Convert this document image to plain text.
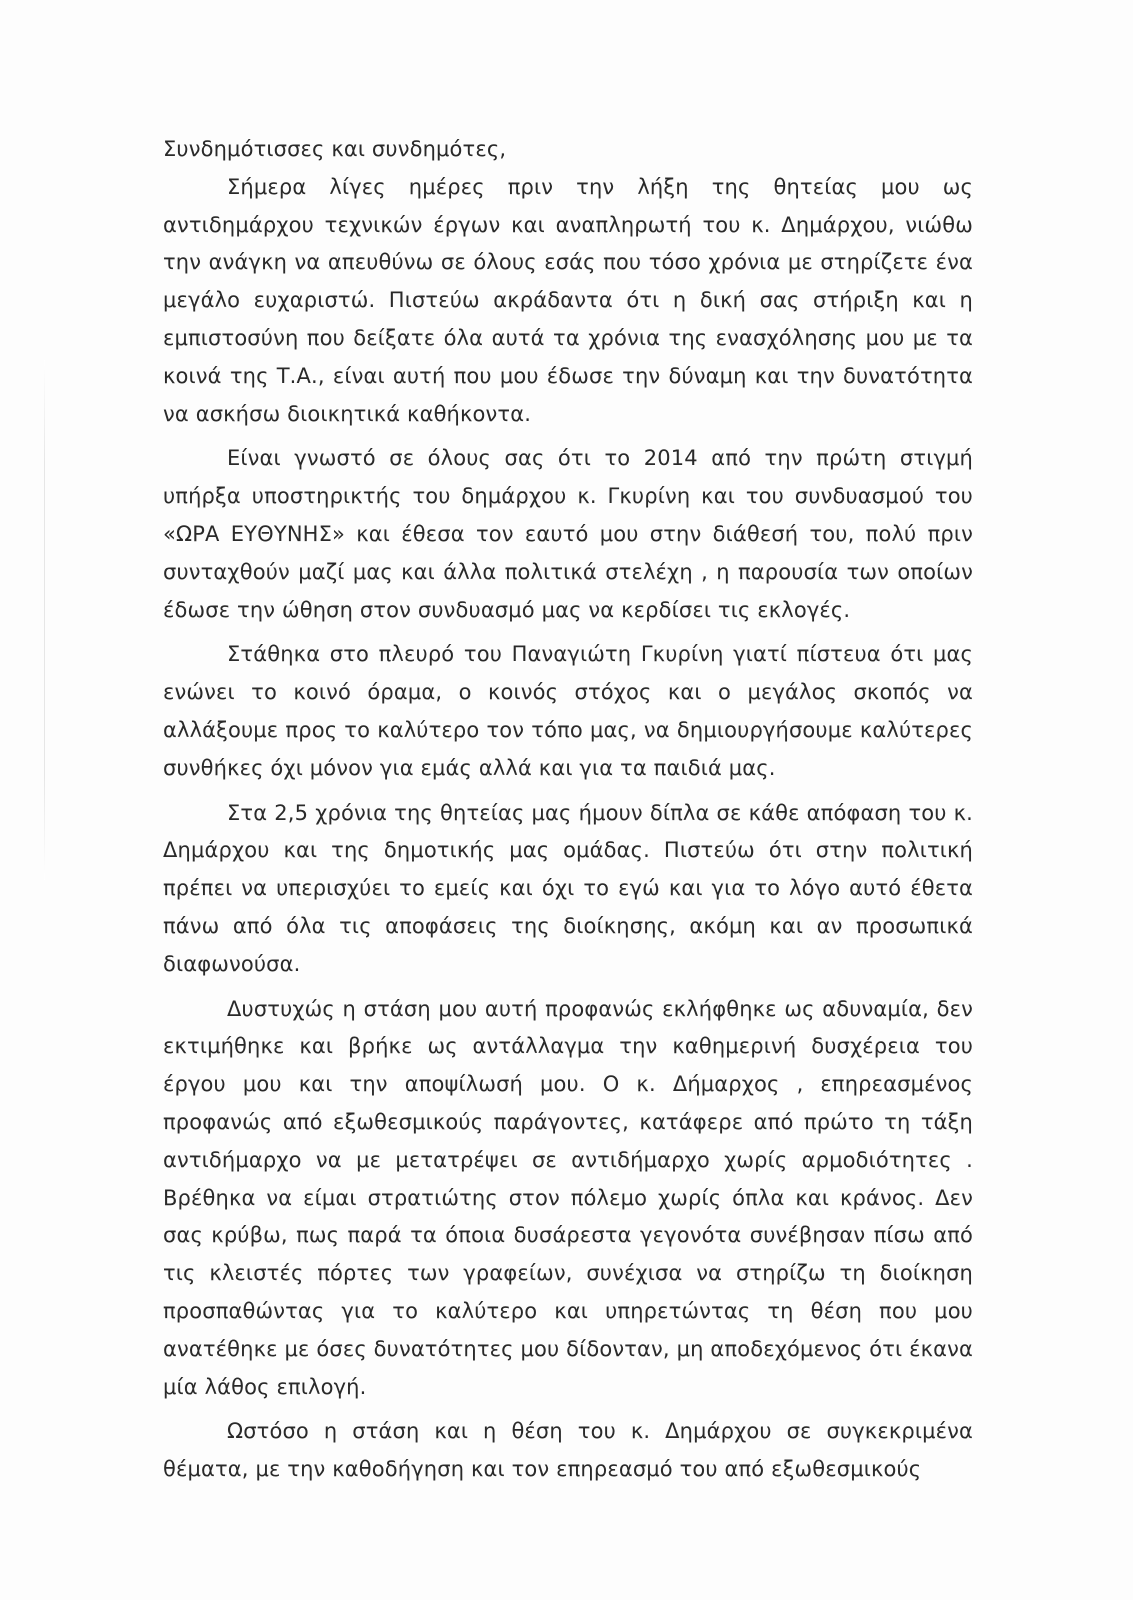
Συνδημότισσες και συνδημότες,

Σήμερα λίγες ημέρες πριν την λήξη της θητείας μου ως αντιδημάρχου τεχνικών έργων και αναπληρωτή του κ. Δημάρχου, νιώθω την ανάγκη να απευθύνω σε όλους εσάς που τόσο χρόνια με στηρίζετε ένα μεγάλο ευχαριστώ. Πιστεύω ακράδαντα ότι η δική σας στήριξη και η εμπιστοσύνη που δείξατε όλα αυτά τα χρόνια της ενασχόλησης μου με τα κοινά της Τ.Α., είναι αυτή που μου έδωσε την δύναμη και την δυνατότητα να ασκήσω διοικητικά καθήκοντα.

Είναι γνωστό σε όλους σας ότι το 2014 από την πρώτη στιγμή υπήρξα υποστηρικτής του δημάρχου κ. Γκυρίνη και του συνδυασμού του «ΩΡΑ ΕΥΘΥΝΗΣ» και έθεσα τον εαυτό μου στην διάθεσή του, πολύ πριν συνταχθούν μαζί μας και άλλα πολιτικά στελέχη , η παρουσία των οποίων έδωσε την ώθηση στον συνδυασμό μας να κερδίσει τις εκλογές.

Στάθηκα στο πλευρό του Παναγιώτη Γκυρίνη γιατί πίστευα ότι μας ενώνει το κοινό όραμα, ο κοινός στόχος και ο μεγάλος σκοπός να αλλάξουμε προς το καλύτερο τον τόπο μας, να δημιουργήσουμε καλύτερες συνθήκες όχι μόνον για εμάς αλλά και για τα παιδιά μας.

Στα 2,5 χρόνια της θητείας μας ήμουν δίπλα σε κάθε απόφαση του κ. Δημάρχου και της δημοτικής μας ομάδας. Πιστεύω ότι στην πολιτική πρέπει να υπερισχύει το εμείς και όχι το εγώ και για το λόγο αυτό έθετα πάνω από όλα τις αποφάσεις της διοίκησης, ακόμη και αν προσωπικά διαφωνούσα.

Δυστυχώς η στάση μου αυτή προφανώς εκλήφθηκε ως αδυναμία, δεν εκτιμήθηκε και βρήκε ως αντάλλαγμα την καθημερινή δυσχέρεια του έργου μου και την αποψίλωσή μου. Ο κ. Δήμαρχος , επηρεασμένος προφανώς από εξωθεσμικούς παράγοντες, κατάφερε από πρώτο τη τάξη αντιδήμαρχο να με μετατρέψει σε αντιδήμαρχο χωρίς αρμοδιότητες . Βρέθηκα να είμαι στρατιώτης στον πόλεμο χωρίς όπλα και κράνος. Δεν σας κρύβω, πως παρά τα όποια δυσάρεστα γεγονότα συνέβησαν πίσω από τις κλειστές πόρτες των γραφείων, συνέχισα να στηρίζω τη διοίκηση προσπαθώντας για το καλύτερο και υπηρετώντας τη θέση που μου ανατέθηκε με όσες δυνατότητες μου δίδονταν, μη αποδεχόμενος ότι έκανα μία λάθος επιλογή.

Ωστόσο η στάση και η θέση του κ. Δημάρχου σε συγκεκριμένα θέματα, με την καθοδήγηση και τον επηρεασμό του από εξωθεσμικούς
